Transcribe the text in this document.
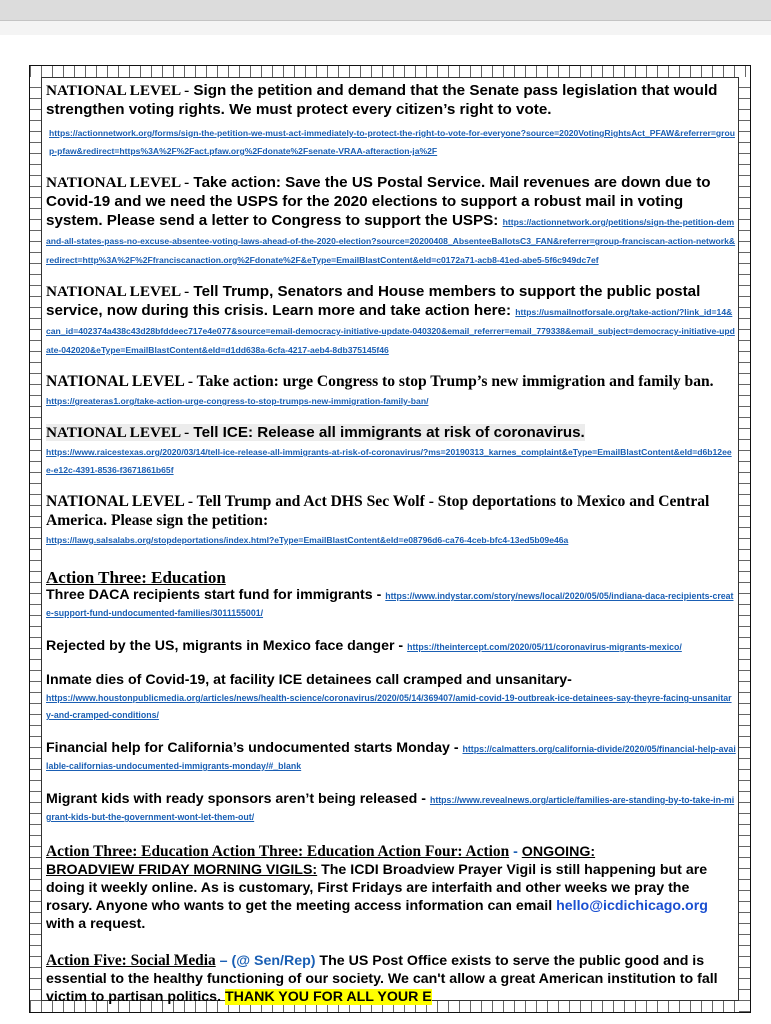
NATIONAL LEVEL - Sign the petition and demand that the Senate pass legislation that would strengthen voting rights. We must protect every citizen’s right to vote.

https://actionnetwork.org/forms/sign-the-petition-we-must-act-immediately-to-protect-the-right-to-vote-for-everyone?source=2020VotingRightsAct_PFAW&referrer=group-pfaw&redirect=https%3A%2F%2Fact.pfaw.org%2Fdonate%2Fsenate-VRAA-afteraction-ja%2F

NATIONAL LEVEL - Take action: Save the US Postal Service. Mail revenues are down due to Covid-19 and we need the USPS for the 2020 elections to support a robust mail in voting system. Please send a letter to Congress to support the USPS: https://actionnetwork.org/petitions/sign-the-petition-demand-all-states-pass-no-excuse-absentee-voting-laws-ahead-of-the-2020-election?source=20200408_AbsenteeBallotsC3_FAN&referrer=group-franciscan-action-network&redirect=http%3A%2F%2Ffranciscanaction.org%2Fdonate%2F&eType=EmailBlastContent&eId=c0172a71-acb8-41ed-abe5-5f6c949dc7ef

NATIONAL LEVEL - Tell Trump, Senators and House members to support the public postal service, now during this crisis. Learn more and take action here: https://usmailnotforsale.org/take-action/?link_id=14&can_id=402374a438c43d28bfddeec717e4e077&source=email-democracy-initiative-update-040320&email_referrer=email_779338&email_subject=democracy-initiative-update-042020&eType=EmailBlastContent&eId=d1dd638a-6cfa-4217-aeb4-8db375145f46

NATIONAL LEVEL - Take action: urge Congress to stop Trump’s new immigration and family ban.

https://greateras1.org/take-action-urge-congress-to-stop-trumps-new-immigration-family-ban/

NATIONAL LEVEL - Tell ICE: Release all immigrants at risk of coronavirus.

https://www.raicestexas.org/2020/03/14/tell-ice-release-all-immigrants-at-risk-of-coronavirus/?ms=20190313_karnes_complaint&eType=EmailBlastContent&eId=d6b12eee-e12c-4391-8536-f3671861b65f

NATIONAL LEVEL - Tell Trump and Act DHS Sec Wolf - Stop deportations to Mexico and Central America. Please sign the petition:

https://lawg.salsalabs.org/stopdeportations/index.html?eType=EmailBlastContent&eId=e08796d6-ca76-4ceb-bfc4-13ed5b09e46a

Action Three: Education

Three DACA recipients start fund for immigrants - https://www.indystar.com/story/news/local/2020/05/05/indiana-daca-recipients-create-support-fund-undocumented-families/3011155001/

Rejected by the US, migrants in Mexico face danger - https://theintercept.com/2020/05/11/coronavirus-migrants-mexico/

Inmate dies of Covid-19, at facility ICE detainees call cramped and unsanitary-
https://www.houstonpublicmedia.org/articles/news/health-science/coronavirus/2020/05/14/369407/amid-covid-19-outbreak-ice-detainees-say-theyre-facing-unsanitary-and-cramped-conditions/

Financial help for California’s undocumented starts Monday - https://calmatters.org/california-divide/2020/05/financial-help-available-californias-undocumented-immigrants-monday/#_blank

Migrant kids with ready sponsors aren’t being released - https://www.revealnews.org/article/families-are-standing-by-to-take-in-migrant-kids-but-the-government-wont-let-them-out/

Action Three: Education Action Three: Education Action Four: Action - ONGOING:
BROADVIEW FRIDAY MORNING VIGILS: The ICDI Broadview Prayer Vigil is still happening but are doing it weekly online. As is customary, First Fridays are interfaith and other weeks we pray the rosary. Anyone who wants to get the meeting access information can email hello@icdichicago.org with a request.

Action Five: Social Media – (@ Sen/Rep) The US Post Office exists to serve the public good and is essential to the healthy functioning of our society. We can't allow a great American institution to fall victim to partisan politics. THANK YOU FOR ALL YOUR E
